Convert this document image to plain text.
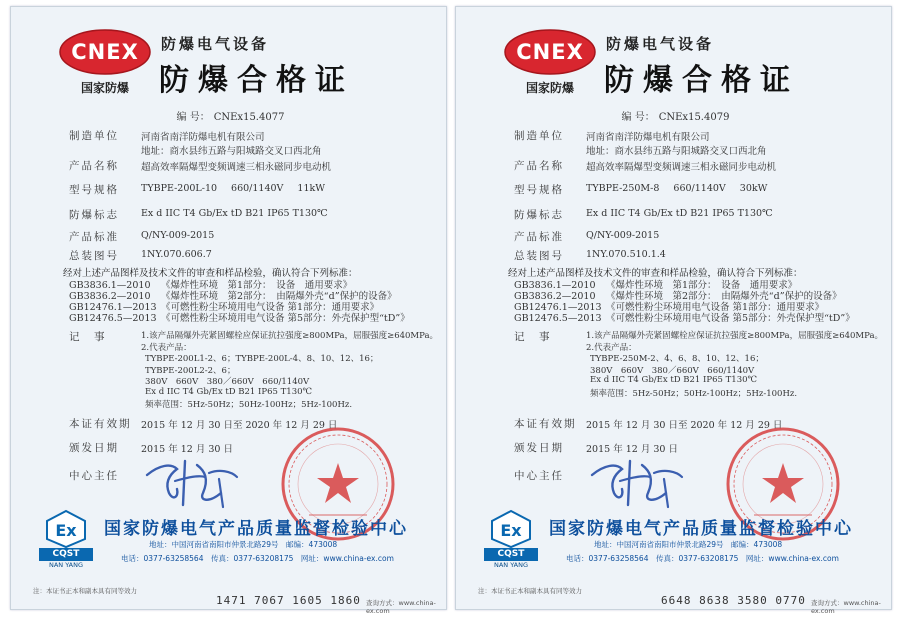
CNEX
国家防爆
防爆电气设备
防爆合格证
编 号： CNEx15.4077
制造单位 河南省南洋防爆电机有限公司
地址：商水县纬五路与阳城路交叉口西北角
产品名称 超高效率隔爆型变频调速三相永磁同步电动机
型号规格 TYBPE-200L-10 660/1140V 11kW
防爆标志 Ex d IIC T4 Gb/Ex tD B21 IP65 T130℃
产品标准 Q/NY-009-2015
总装图号 1NY.070.606.7
经对上述产品图样及技术文件的审查和样品检验，确认符合下列标准：
GB3836.1—2010 《爆炸性环境　第1部分：　设备　通用要求》
GB3836.2—2010 《爆炸性环境　第2部分：　由隔爆外壳“d”保护的设备》
GB12476.1—2013 《可燃性粉尘环境用电气设备 第1部分：通用要求》
GB12476.5—2013 《可燃性粉尘环境用电气设备 第5部分：外壳保护型“tD”》
记　事	1.该产品隔爆外壳紧固螺栓应保证抗拉强度≥800MPa，屈服强度≥640MPa。
2.代表产品：
TYBPE-200L1-2、6；TYBPE-200L-4、8、10、12、16；
TYBPE-200L2-2、6；
380V　660V　380／660V　660/1140V
Ex d IIC T4 Gb/Ex tD B21 IP65 T130℃
频率范围：5Hz-50Hz；50Hz-100Hz；5Hz-100Hz.
本证有效期 2015 年 12 月 30 日至 2020 年 12 月 29 日
颁发日期 2015 年 12 月 30 日
中心主任
Ex
CQST
NAN YANG
国家防爆电气产品质量监督检验中心
地址：中国河南省南阳市仲景北路29号　邮编：473008
电话：0377-63258564　传真：0377-63208175　网址：www.china-ex.com
注：本证书正本和副本具有同等效力
1471 7067 1605 1860 查询方式：www.china-ex.com
CNEX
国家防爆
防爆电气设备
防爆合格证
编 号： CNEx15.4079
制造单位 河南省南洋防爆电机有限公司
地址：商水县纬五路与阳城路交叉口西北角
产品名称 超高效率隔爆型变频调速三相永磁同步电动机
型号规格 TYBPE-250M-8 660/1140V 30kW
防爆标志 Ex d IIC T4 Gb/Ex tD B21 IP65 T130℃
产品标准 Q/NY-009-2015
总装图号 1NY.070.510.1.4
经对上述产品图样及技术文件的审查和样品检验，确认符合下列标准：
GB3836.1—2010 《爆炸性环境　第1部分：　设备　通用要求》
GB3836.2—2010 《爆炸性环境　第2部分：　由隔爆外壳“d”保护的设备》
GB12476.1—2013 《可燃性粉尘环境用电气设备 第1部分：通用要求》
GB12476.5—2013 《可燃性粉尘环境用电气设备 第5部分：外壳保护型“tD”》
记　事	1.该产品隔爆外壳紧固螺栓应保证抗拉强度≥800MPa，屈服强度≥640MPa。
2.代表产品：
TYBPE-250M-2、4、6、8、10、12、16；
380V　660V　380／660V　660/1140V
Ex d IIC T4 Gb/Ex tD B21 IP65 T130℃
频率范围：5Hz-50Hz；50Hz-100Hz；5Hz-100Hz.
本证有效期 2015 年 12 月 30 日至 2020 年 12 月 29 日
颁发日期 2015 年 12 月 30 日
中心主任
Ex
CQST
NAN YANG
国家防爆电气产品质量监督检验中心
地址：中国河南省南阳市仲景北路29号　邮编：473008
电话：0377-63258564　传真：0377-63208175　网址：www.china-ex.com
注：本证书正本和副本具有同等效力
6648 8638 3580 0770 查询方式：www.china-ex.com
